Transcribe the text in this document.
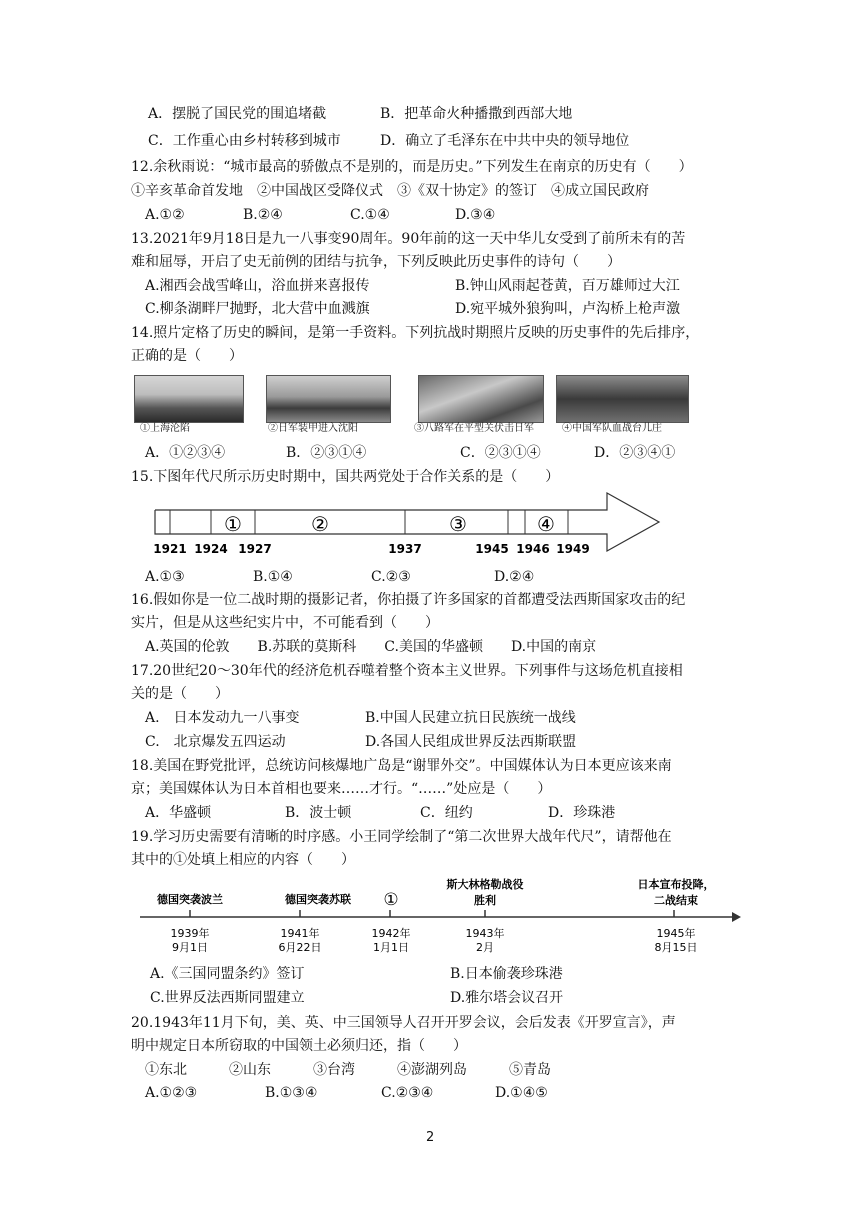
A．摆脱了国民党的围追堵截	B．把革命火种播撒到西部大地
C．工作重心由乡村转移到城市	D．确立了毛泽东在中共中央的领导地位
12.余秋雨说：“城市最高的骄傲点不是别的，而是历史。”下列发生在南京的历史有（　　）
①辛亥革命首发地　②中国战区受降仪式　③《双十协定》的签订　④成立国民政府
A.①②	B.②④	C.①④	D.③④
13.2021年9月18日是九一八事变90周年。90年前的这一天中华儿女受到了前所未有的苦
难和屈辱，开启了史无前例的团结与抗争，下列反映此历史事件的诗句（　　）
A.湘西会战雪峰山，浴血拼来喜报传	B.钟山风雨起苍黄，百万雄师过大江
C.柳条湖畔尸抛野，北大营中血溅旗	D.宛平城外狼狗叫，卢沟桥上枪声激
14.照片定格了历史的瞬间，是第一手资料。下列抗战时期照片反映的历史事件的先后排序，
正确的是（　　）
①上海沦陷	②日军装甲进入沈阳	③八路军在平型关伏击日军	④中国军队血战台儿庄
A．①②③④	B．②③①④	C．②③①④	D．②③④①
15.下图年代尺所示历史时期中，国共两党处于合作关系的是（　　）
①	②	③	④
1921 1924 1927	1937	1945 1946 1949
德国突袭波兰	德国突袭苏联 ①
斯大林格勒战役
胜利
日本宣布投降，
二战结束
1939年
9月1日
1941年
6月22日
1942年
1月1日
1943年
2月
1945年
8月15日
A.①③	B.①④	C.②③	D.②④
16.假如你是一位二战时期的摄影记者，你拍摄了许多国家的首都遭受法西斯国家攻击的纪
实片，但是从这些纪实片中，不可能看到（　　）
A.英国的伦敦　　B.苏联的莫斯科　　C.美国的华盛顿　　D.中国的南京
17.20世纪20～30年代的经济危机吞噬着整个资本主义世界。下列事件与这场危机直接相
关的是（　　）
A.　日本发动九一八事变	B.中国人民建立抗日民族统一战线
C.　北京爆发五四运动	D.各国人民组成世界反法西斯联盟
18.美国在野党批评，总统访问核爆地广岛是“谢罪外交”。中国媒体认为日本更应该来南
京；美国媒体认为日本首相也要来……才行。“……”处应是（　　）
A．华盛顿	B．波士顿	C．纽约	D．珍珠港
19.学习历史需要有清晰的时序感。小王同学绘制了“第二次世界大战年代尺”，请帮他在
其中的①处填上相应的内容（　　）
A.《三国同盟条约》签订	B.日本偷袭珍珠港
C.世界反法西斯同盟建立	D.雅尔塔会议召开
20.1943年11月下旬，美、英、中三国领导人召开开罗会议，会后发表《开罗宣言》，声
明中规定日本所窃取的中国领土必须归还，指（　　）
①东北　　　②山东　　　③台湾　　　④澎湖列岛　　　⑤青岛
A.①②③	B.①③④	C.②③④	D.①④⑤
2
